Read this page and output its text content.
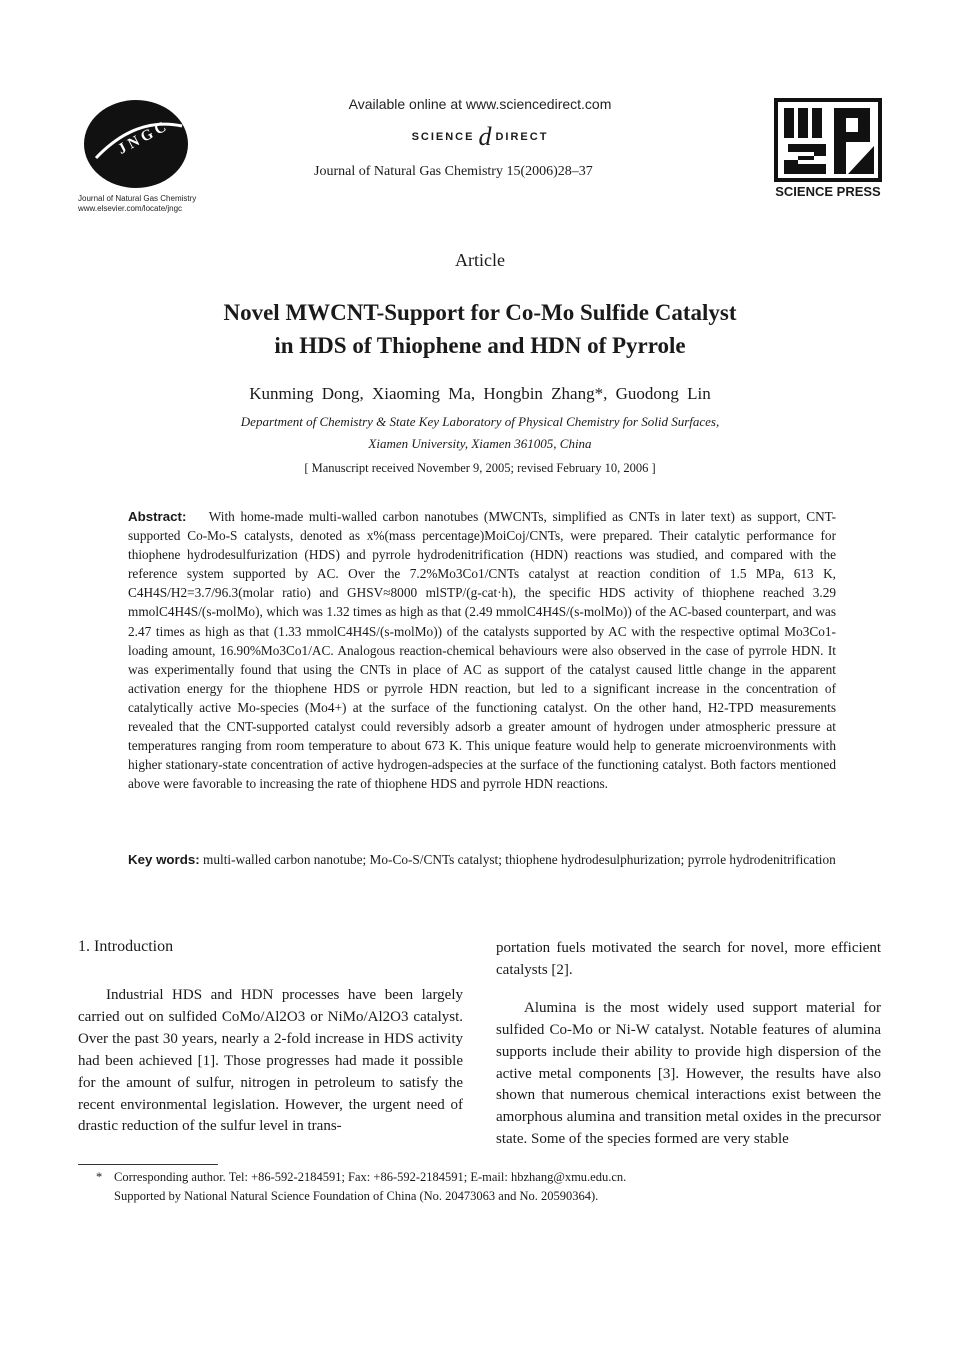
J N G C
Journal of Natural Gas Chemistry
www.elsevier.com/locate/jngc
Available online at www.sciencedirect.com
SCIENCE d DIRECT
Journal of Natural Gas Chemistry 15(2006)28–37
SCIENCE PRESS
Article
Novel MWCNT-Support for Co-Mo Sulfide Catalyst
in HDS of Thiophene and HDN of Pyrrole
Kunming Dong, Xiaoming Ma, Hongbin Zhang*, Guodong Lin
Department of Chemistry & State Key Laboratory of Physical Chemistry for Solid Surfaces,
Xiamen University, Xiamen 361005, China
[ Manuscript received November 9, 2005; revised February 10, 2006 ]
Abstract: With home-made multi-walled carbon nanotubes (MWCNTs, simplified as CNTs in later text) as support, CNT-supported Co-Mo-S catalysts, denoted as x%(mass percentage)MoiCoj/CNTs, were prepared. Their catalytic performance for thiophene hydrodesulfurization (HDS) and pyrrole hydrodenitrification (HDN) reactions was studied, and compared with the reference system supported by AC. Over the 7.2%Mo3Co1/CNTs catalyst at reaction condition of 1.5 MPa, 613 K, C4H4S/H2=3.7/96.3(molar ratio) and GHSV≈8000 mlSTP/(g-cat·h), the specific HDS activity of thiophene reached 3.29 mmolC4H4S/(s-molMo), which was 1.32 times as high as that (2.49 mmolC4H4S/(s-molMo)) of the AC-based counterpart, and was 2.47 times as high as that (1.33 mmolC4H4S/(s-molMo)) of the catalysts supported by AC with the respective optimal Mo3Co1-loading amount, 16.90%Mo3Co1/AC. Analogous reaction-chemical behaviours were also observed in the case of pyrrole HDN. It was experimentally found that using the CNTs in place of AC as support of the catalyst caused little change in the apparent activation energy for the thiophene HDS or pyrrole HDN reaction, but led to a significant increase in the concentration of catalytically active Mo-species (Mo4+) at the surface of the functioning catalyst. On the other hand, H2-TPD measurements revealed that the CNT-supported catalyst could reversibly adsorb a greater amount of hydrogen under atmospheric pressure at temperatures ranging from room temperature to about 673 K. This unique feature would help to generate microenvironments with higher stationary-state concentration of active hydrogen-adspecies at the surface of the functioning catalyst. Both factors mentioned above were favorable to increasing the rate of thiophene HDS and pyrrole HDN reactions.
Key words: multi-walled carbon nanotube; Mo-Co-S/CNTs catalyst; thiophene hydrodesulphurization; pyrrole hydrodenitrification
1. Introduction
Industrial HDS and HDN processes have been largely carried out on sulfided CoMo/Al2O3 or NiMo/Al2O3 catalyst. Over the past 30 years, nearly a 2-fold increase in HDS activity had been achieved [1]. Those progresses had made it possible for the amount of sulfur, nitrogen in petroleum to satisfy the recent environmental legislation. However, the urgent need of drastic reduction of the sulfur level in trans-

portation fuels motivated the search for novel, more efficient catalysts [2].

Alumina is the most widely used support material for sulfided Co-Mo or Ni-W catalyst. Notable features of alumina supports include their ability to provide high dispersion of the active metal components [3]. However, the results have also shown that numerous chemical interactions exist between the amorphous alumina and transition metal oxides in the precursor state. Some of the species formed are very stable

* Corresponding author. Tel: +86-592-2184591; Fax: +86-592-2184591; E-mail: hbzhang@xmu.edu.cn.
Supported by National Natural Science Foundation of China (No. 20473063 and No. 20590364).
